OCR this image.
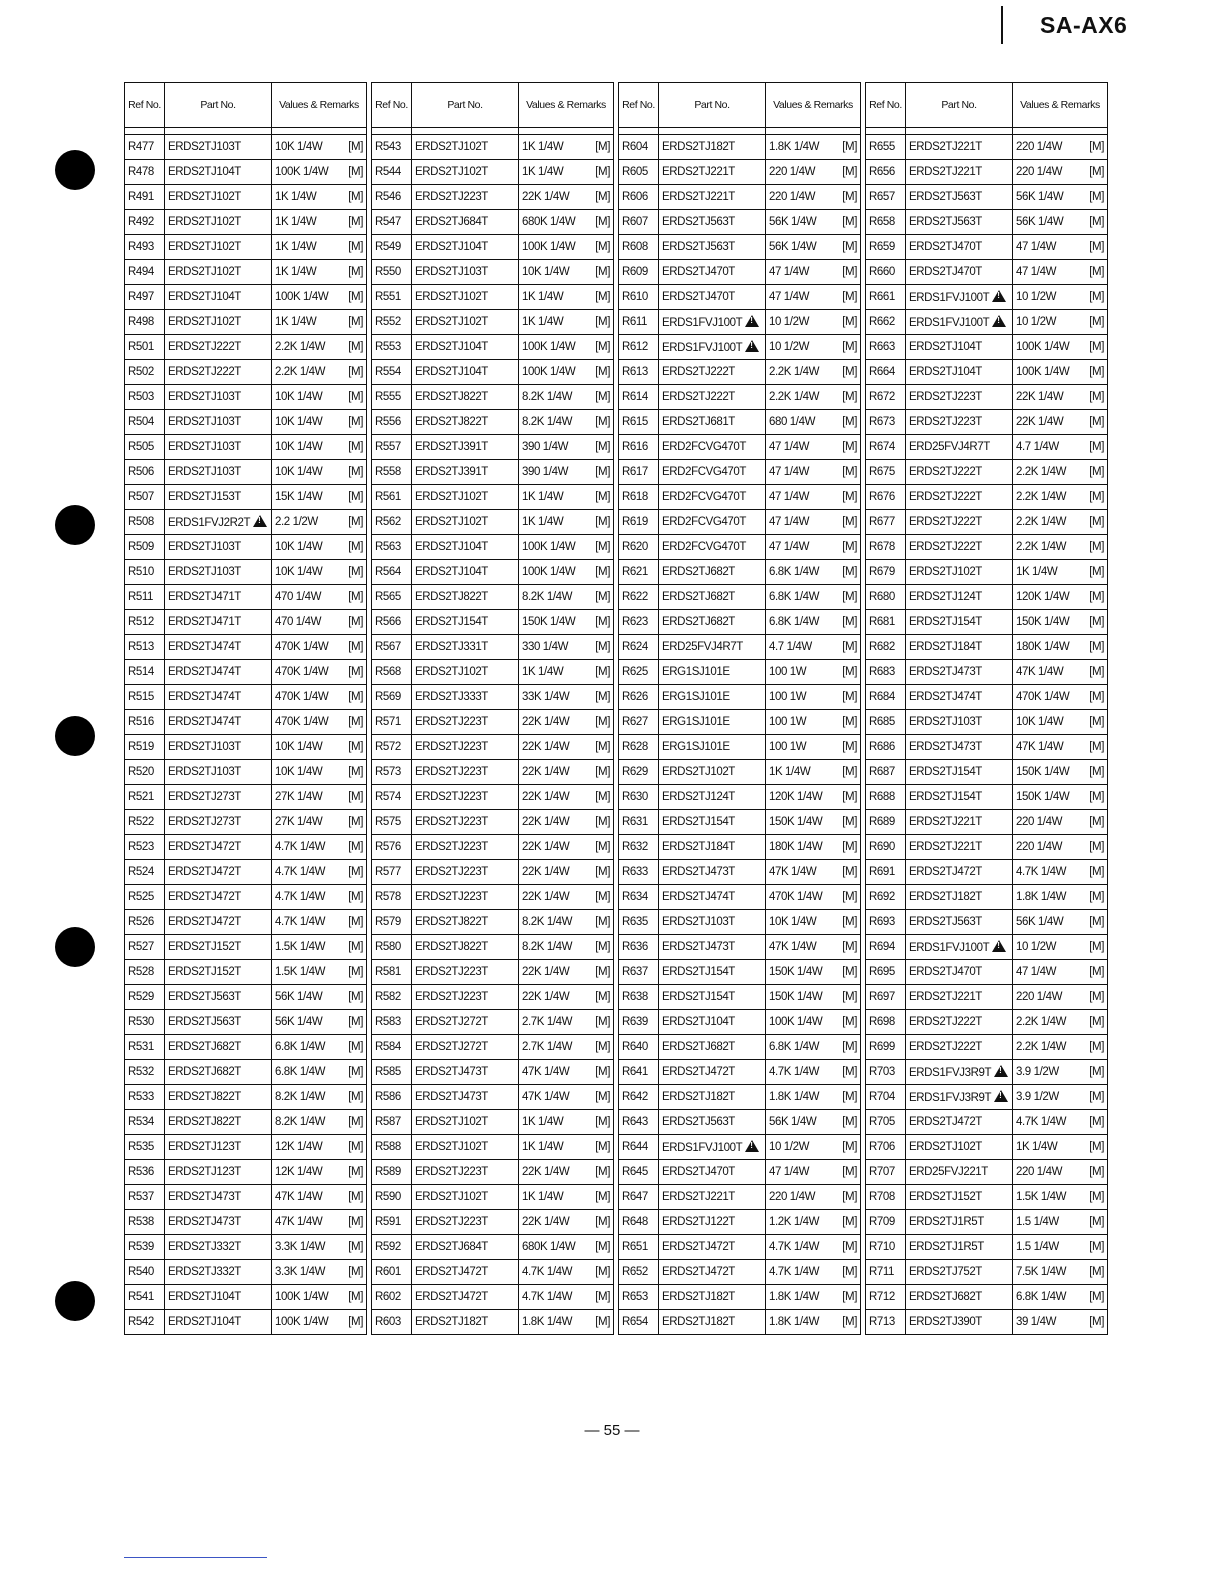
SA-AX6
Ref No.	Part No.	Values & Remarks

R477	ERDS2TJ103T	10K 1/4W [M]

R478	ERDS2TJ104T	100K 1/4W [M]

R491	ERDS2TJ102T	1K 1/4W [M]

R492	ERDS2TJ102T	1K 1/4W [M]

R493	ERDS2TJ102T	1K 1/4W [M]

R494	ERDS2TJ102T	1K 1/4W [M]

R497	ERDS2TJ104T	100K 1/4W [M]

R498	ERDS2TJ102T	1K 1/4W [M]

R501	ERDS2TJ222T	2.2K 1/4W [M]

R502	ERDS2TJ222T	2.2K 1/4W [M]

R503	ERDS2TJ103T	10K 1/4W [M]

R504	ERDS2TJ103T	10K 1/4W [M]

R505	ERDS2TJ103T	10K 1/4W [M]

R506	ERDS2TJ103T	10K 1/4W [M]

R507	ERDS2TJ153T	15K 1/4W [M]

R508	ERDS1FVJ2R2T!	2.2 1/2W [M]

R509	ERDS2TJ103T	10K 1/4W [M]

R510	ERDS2TJ103T	10K 1/4W [M]

R511	ERDS2TJ471T	470 1/4W [M]

R512	ERDS2TJ471T	470 1/4W [M]

R513	ERDS2TJ474T	470K 1/4W [M]

R514	ERDS2TJ474T	470K 1/4W [M]

R515	ERDS2TJ474T	470K 1/4W [M]

R516	ERDS2TJ474T	470K 1/4W [M]

R519	ERDS2TJ103T	10K 1/4W [M]

R520	ERDS2TJ103T	10K 1/4W [M]

R521	ERDS2TJ273T	27K 1/4W [M]

R522	ERDS2TJ273T	27K 1/4W [M]

R523	ERDS2TJ472T	4.7K 1/4W [M]

R524	ERDS2TJ472T	4.7K 1/4W [M]

R525	ERDS2TJ472T	4.7K 1/4W [M]

R526	ERDS2TJ472T	4.7K 1/4W [M]

R527	ERDS2TJ152T	1.5K 1/4W [M]

R528	ERDS2TJ152T	1.5K 1/4W [M]

R529	ERDS2TJ563T	56K 1/4W [M]

R530	ERDS2TJ563T	56K 1/4W [M]

R531	ERDS2TJ682T	6.8K 1/4W [M]

R532	ERDS2TJ682T	6.8K 1/4W [M]

R533	ERDS2TJ822T	8.2K 1/4W [M]

R534	ERDS2TJ822T	8.2K 1/4W [M]

R535	ERDS2TJ123T	12K 1/4W [M]

R536	ERDS2TJ123T	12K 1/4W [M]

R537	ERDS2TJ473T	47K 1/4W [M]

R538	ERDS2TJ473T	47K 1/4W [M]

R539	ERDS2TJ332T	3.3K 1/4W [M]

R540	ERDS2TJ332T	3.3K 1/4W [M]

R541	ERDS2TJ104T	100K 1/4W [M]

R542	ERDS2TJ104T	100K 1/4W [M]
Ref No.	Part No.	Values & Remarks

R543	ERDS2TJ102T	1K 1/4W [M]

R544	ERDS2TJ102T	1K 1/4W [M]

R546	ERDS2TJ223T	22K 1/4W [M]

R547	ERDS2TJ684T	680K 1/4W [M]

R549	ERDS2TJ104T	100K 1/4W [M]

R550	ERDS2TJ103T	10K 1/4W [M]

R551	ERDS2TJ102T	1K 1/4W [M]

R552	ERDS2TJ102T	1K 1/4W [M]

R553	ERDS2TJ104T	100K 1/4W [M]

R554	ERDS2TJ104T	100K 1/4W [M]

R555	ERDS2TJ822T	8.2K 1/4W [M]

R556	ERDS2TJ822T	8.2K 1/4W [M]

R557	ERDS2TJ391T	390 1/4W [M]

R558	ERDS2TJ391T	390 1/4W [M]

R561	ERDS2TJ102T	1K 1/4W [M]

R562	ERDS2TJ102T	1K 1/4W [M]

R563	ERDS2TJ104T	100K 1/4W [M]

R564	ERDS2TJ104T	100K 1/4W [M]

R565	ERDS2TJ822T	8.2K 1/4W [M]

R566	ERDS2TJ154T	150K 1/4W [M]

R567	ERDS2TJ331T	330 1/4W [M]

R568	ERDS2TJ102T	1K 1/4W [M]

R569	ERDS2TJ333T	33K 1/4W [M]

R571	ERDS2TJ223T	22K 1/4W [M]

R572	ERDS2TJ223T	22K 1/4W [M]

R573	ERDS2TJ223T	22K 1/4W [M]

R574	ERDS2TJ223T	22K 1/4W [M]

R575	ERDS2TJ223T	22K 1/4W [M]

R576	ERDS2TJ223T	22K 1/4W [M]

R577	ERDS2TJ223T	22K 1/4W [M]

R578	ERDS2TJ223T	22K 1/4W [M]

R579	ERDS2TJ822T	8.2K 1/4W [M]

R580	ERDS2TJ822T	8.2K 1/4W [M]

R581	ERDS2TJ223T	22K 1/4W [M]

R582	ERDS2TJ223T	22K 1/4W [M]

R583	ERDS2TJ272T	2.7K 1/4W [M]

R584	ERDS2TJ272T	2.7K 1/4W [M]

R585	ERDS2TJ473T	47K 1/4W [M]

R586	ERDS2TJ473T	47K 1/4W [M]

R587	ERDS2TJ102T	1K 1/4W [M]

R588	ERDS2TJ102T	1K 1/4W [M]

R589	ERDS2TJ223T	22K 1/4W [M]

R590	ERDS2TJ102T	1K 1/4W [M]

R591	ERDS2TJ223T	22K 1/4W [M]

R592	ERDS2TJ684T	680K 1/4W [M]

R601	ERDS2TJ472T	4.7K 1/4W [M]

R602	ERDS2TJ472T	4.7K 1/4W [M]

R603	ERDS2TJ182T	1.8K 1/4W [M]
Ref No.	Part No.	Values & Remarks

R604	ERDS2TJ182T	1.8K 1/4W [M]

R605	ERDS2TJ221T	220 1/4W [M]

R606	ERDS2TJ221T	220 1/4W [M]

R607	ERDS2TJ563T	56K 1/4W [M]

R608	ERDS2TJ563T	56K 1/4W [M]

R609	ERDS2TJ470T	47 1/4W [M]

R610	ERDS2TJ470T	47 1/4W [M]

R611	ERDS1FVJ100T!	10 1/2W [M]

R612	ERDS1FVJ100T!	10 1/2W [M]

R613	ERDS2TJ222T	2.2K 1/4W [M]

R614	ERDS2TJ222T	2.2K 1/4W [M]

R615	ERDS2TJ681T	680 1/4W [M]

R616	ERD2FCVG470T	47 1/4W [M]

R617	ERD2FCVG470T	47 1/4W [M]

R618	ERD2FCVG470T	47 1/4W [M]

R619	ERD2FCVG470T	47 1/4W [M]

R620	ERD2FCVG470T	47 1/4W [M]

R621	ERDS2TJ682T	6.8K 1/4W [M]

R622	ERDS2TJ682T	6.8K 1/4W [M]

R623	ERDS2TJ682T	6.8K 1/4W [M]

R624	ERD25FVJ4R7T	4.7 1/4W [M]

R625	ERG1SJ101E	100 1W [M]

R626	ERG1SJ101E	100 1W [M]

R627	ERG1SJ101E	100 1W [M]

R628	ERG1SJ101E	100 1W [M]

R629	ERDS2TJ102T	1K 1/4W [M]

R630	ERDS2TJ124T	120K 1/4W [M]

R631	ERDS2TJ154T	150K 1/4W [M]

R632	ERDS2TJ184T	180K 1/4W [M]

R633	ERDS2TJ473T	47K 1/4W [M]

R634	ERDS2TJ474T	470K 1/4W [M]

R635	ERDS2TJ103T	10K 1/4W [M]

R636	ERDS2TJ473T	47K 1/4W [M]

R637	ERDS2TJ154T	150K 1/4W [M]

R638	ERDS2TJ154T	150K 1/4W [M]

R639	ERDS2TJ104T	100K 1/4W [M]

R640	ERDS2TJ682T	6.8K 1/4W [M]

R641	ERDS2TJ472T	4.7K 1/4W [M]

R642	ERDS2TJ182T	1.8K 1/4W [M]

R643	ERDS2TJ563T	56K 1/4W [M]

R644	ERDS1FVJ100T!	10 1/2W [M]

R645	ERDS2TJ470T	47 1/4W [M]

R647	ERDS2TJ221T	220 1/4W [M]

R648	ERDS2TJ122T	1.2K 1/4W [M]

R651	ERDS2TJ472T	4.7K 1/4W [M]

R652	ERDS2TJ472T	4.7K 1/4W [M]

R653	ERDS2TJ182T	1.8K 1/4W [M]

R654	ERDS2TJ182T	1.8K 1/4W [M]
Ref No.	Part No.	Values & Remarks

R655	ERDS2TJ221T	220 1/4W [M]

R656	ERDS2TJ221T	220 1/4W [M]

R657	ERDS2TJ563T	56K 1/4W [M]

R658	ERDS2TJ563T	56K 1/4W [M]

R659	ERDS2TJ470T	47 1/4W [M]

R660	ERDS2TJ470T	47 1/4W [M]

R661	ERDS1FVJ100T!	10 1/2W [M]

R662	ERDS1FVJ100T!	10 1/2W [M]

R663	ERDS2TJ104T	100K 1/4W [M]

R664	ERDS2TJ104T	100K 1/4W [M]

R672	ERDS2TJ223T	22K 1/4W [M]

R673	ERDS2TJ223T	22K 1/4W [M]

R674	ERD25FVJ4R7T	4.7 1/4W [M]

R675	ERDS2TJ222T	2.2K 1/4W [M]

R676	ERDS2TJ222T	2.2K 1/4W [M]

R677	ERDS2TJ222T	2.2K 1/4W [M]

R678	ERDS2TJ222T	2.2K 1/4W [M]

R679	ERDS2TJ102T	1K 1/4W [M]

R680	ERDS2TJ124T	120K 1/4W [M]

R681	ERDS2TJ154T	150K 1/4W [M]

R682	ERDS2TJ184T	180K 1/4W [M]

R683	ERDS2TJ473T	47K 1/4W [M]

R684	ERDS2TJ474T	470K 1/4W [M]

R685	ERDS2TJ103T	10K 1/4W [M]

R686	ERDS2TJ473T	47K 1/4W [M]

R687	ERDS2TJ154T	150K 1/4W [M]

R688	ERDS2TJ154T	150K 1/4W [M]

R689	ERDS2TJ221T	220 1/4W [M]

R690	ERDS2TJ221T	220 1/4W [M]

R691	ERDS2TJ472T	4.7K 1/4W [M]

R692	ERDS2TJ182T	1.8K 1/4W [M]

R693	ERDS2TJ563T	56K 1/4W [M]

R694	ERDS1FVJ100T!	10 1/2W [M]

R695	ERDS2TJ470T	47 1/4W [M]

R697	ERDS2TJ221T	220 1/4W [M]

R698	ERDS2TJ222T	2.2K 1/4W [M]

R699	ERDS2TJ222T	2.2K 1/4W [M]

R703	ERDS1FVJ3R9T!	3.9 1/2W [M]

R704	ERDS1FVJ3R9T!	3.9 1/2W [M]

R705	ERDS2TJ472T	4.7K 1/4W [M]

R706	ERDS2TJ102T	1K 1/4W [M]

R707	ERD25FVJ221T	220 1/4W [M]

R708	ERDS2TJ152T	1.5K 1/4W [M]

R709	ERDS2TJ1R5T	1.5 1/4W [M]

R710	ERDS2TJ1R5T	1.5 1/4W [M]

R711	ERDS2TJ752T	7.5K 1/4W [M]

R712	ERDS2TJ682T	6.8K 1/4W [M]

R713	ERDS2TJ390T	39 1/4W [M]
— 55 —
